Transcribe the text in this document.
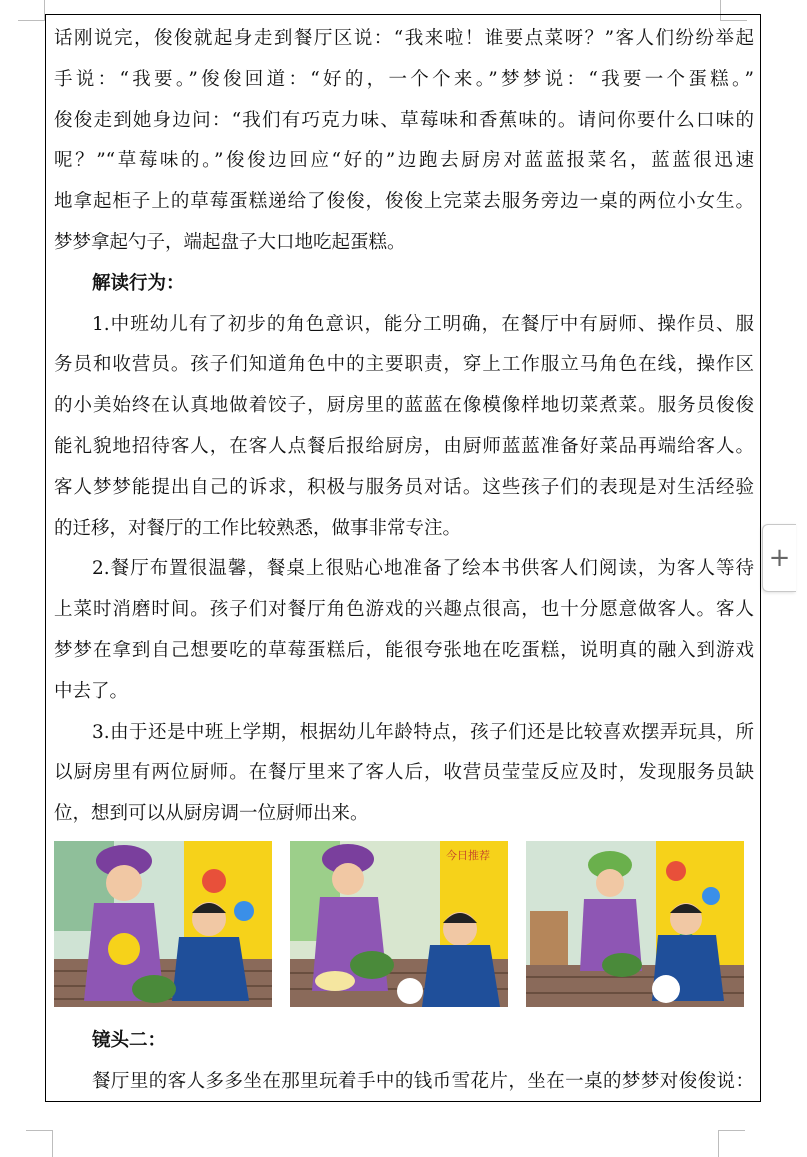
话刚说完，俊俊就起身走到餐厅区说：“我来啦！谁要点菜呀？”客人们纷纷举起
手说：“我要。”俊俊回道：“好的，一个个来。”梦梦说：“我要一个蛋糕。”
俊俊走到她身边问：“我们有巧克力味、草莓味和香蕉味的。请问你要什么口味的
呢？”“草莓味的。”俊俊边回应“好的”边跑去厨房对蓝蓝报菜名，蓝蓝很迅速
地拿起柜子上的草莓蛋糕递给了俊俊，俊俊上完菜去服务旁边一桌的两位小女生。
梦梦拿起勺子，端起盘子大口地吃起蛋糕。
解读行为：
1.中班幼儿有了初步的角色意识，能分工明确，在餐厅中有厨师、操作员、服
务员和收营员。孩子们知道角色中的主要职责，穿上工作服立马角色在线，操作区
的小美始终在认真地做着饺子，厨房里的蓝蓝在像模像样地切菜煮菜。服务员俊俊
能礼貌地招待客人，在客人点餐后报给厨房，由厨师蓝蓝准备好菜品再端给客人。
客人梦梦能提出自己的诉求，积极与服务员对话。这些孩子们的表现是对生活经验
的迁移，对餐厅的工作比较熟悉，做事非常专注。
2.餐厅布置很温馨，餐桌上很贴心地准备了绘本书供客人们阅读，为客人等待
上菜时消磨时间。孩子们对餐厅角色游戏的兴趣点很高，也十分愿意做客人。客人
梦梦在拿到自己想要吃的草莓蛋糕后，能很夸张地在吃蛋糕，说明真的融入到游戏
中去了。
3.由于还是中班上学期，根据幼儿年龄特点，孩子们还是比较喜欢摆弄玩具，所
以厨房里有两位厨师。在餐厅里来了客人后，收营员莹莹反应及时，发现服务员缺
位，想到可以从厨房调一位厨师出来。
今日推荐
镜头二：
餐厅里的客人多多坐在那里玩着手中的钱币雪花片，坐在一桌的梦梦对俊俊说：
+
